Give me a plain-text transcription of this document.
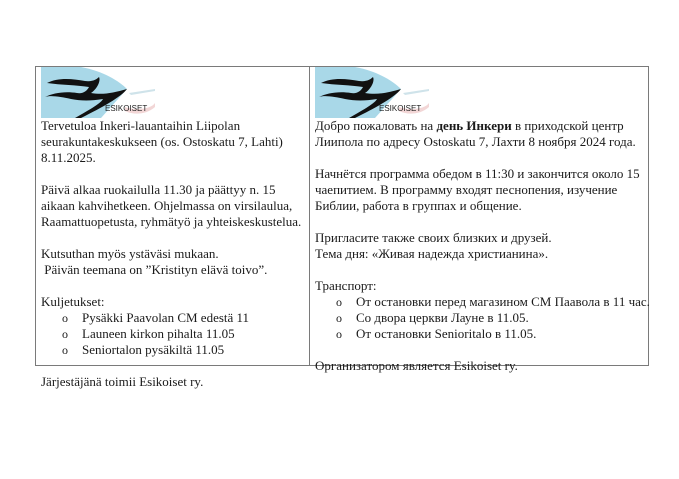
ESIKOISET

Tervetuloa Inkeri-lauantaihin Liipolan

seurakuntakeskukseen (os. Ostoskatu 7, Lahti)

8.11.2025.

Päivä alkaa ruokailulla 11.30 ja päättyy n. 15

aikaan kahvihetkeen. Ohjelmassa on virsilaulua,

Raamattuopetusta, ryhmätyö ja yhteiskeskustelua.

Kutsuthan myös ystäväsi mukaan.

Päivän teemana on ”Kristityn elävä toivo”.

Kuljetukset:

o Pysäkki Paavolan CM edestä 11
o Launeen kirkon pihalta 11.05
o Seniortalon pysäkiltä 11.05

Järjestäjänä toimii Esikoiset ry.

ESIKOISET

Добро пожаловать на день Инкери в приходской центр

Лиипола по адресу Ostoskatu 7, Лахти 8 ноября 2024 года.

Начнётся программа обедом в 11:30 и закончится около 15

чаепитием. В программу входят песнопения, изучение

Библии, работа в группах и общение.

Пригласите также своих близких и друзей.

Тема дня: «Живая надежда христианина».

Транспорт:

o От остановки перед магазином CM Паавола в 11 час.
o Со двора церкви Лауне в 11.05.
o От остановки Senioritalo в 11.05.

Организатором является Esikoiset ry.
